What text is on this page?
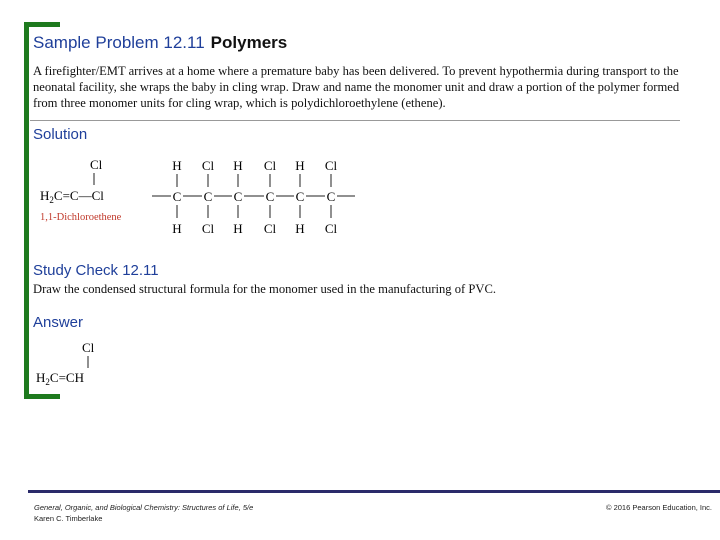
Sample Problem 12.11 Polymers

A firefighter/EMT arrives at a home where a premature baby has been delivered. To prevent hypothermia during transport to the neonatal facility, she wraps the baby in cling wrap. Draw and name the monomer unit and draw a portion of the polymer formed from three monomer units for cling wrap, which is polydichloroethylene (ethene).

Solution
Cl
$H_2C=C—Cl$
1,1-Dichloroethene
H
C
H
Cl
C
Cl
H
C
H
Cl
C
Cl
H
C
H
Cl
C
Cl
Study Check 12.11
Draw the condensed structural formula for the monomer used in the manufacturing of PVC.
Answer
Cl
$H_2C=CH$
General, Organic, and Biological Chemistry: Structures of Life, 5/e
Karen C. Timberlake
© 2016 Pearson Education, Inc.
